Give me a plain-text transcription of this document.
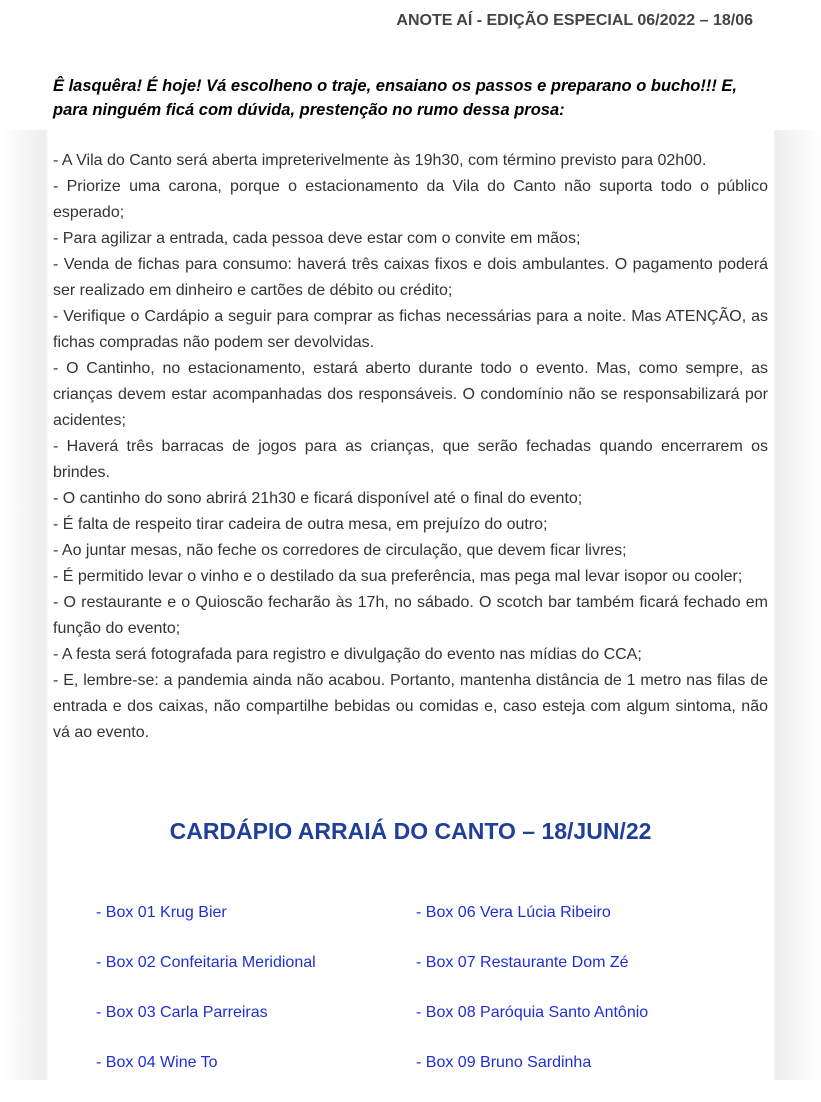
ANOTE AÍ - EDIÇÃO ESPECIAL 06/2022 – 18/06

Ê lasquêra! É hoje! Vá escolheno o traje, ensaiano os passos e preparano o bucho!!! E, para ninguém ficá com dúvida, prestenção no rumo dessa prosa:

- A Vila do Canto será aberta impreterivelmente às 19h30, com término previsto para 02h00.
- Priorize uma carona, porque o estacionamento da Vila do Canto não suporta todo o público esperado;
- Para agilizar a entrada, cada pessoa deve estar com o convite em mãos;
- Venda de fichas para consumo: haverá três caixas fixos e dois ambulantes. O pagamento poderá ser realizado em dinheiro e cartões de débito ou crédito;
- Verifique o Cardápio a seguir para comprar as fichas necessárias para a noite. Mas ATENÇÃO, as fichas compradas não podem ser devolvidas.
- O Cantinho, no estacionamento, estará aberto durante todo o evento. Mas, como sempre, as crianças devem estar acompanhadas dos responsáveis. O condomínio não se responsabilizará por acidentes;
- Haverá três barracas de jogos para as crianças, que serão fechadas quando encerrarem os brindes.
- O cantinho do sono abrirá 21h30 e ficará disponível até o final do evento;
- É falta de respeito tirar cadeira de outra mesa, em prejuízo do outro;
- Ao juntar mesas, não feche os corredores de circulação, que devem ficar livres;
- É permitido levar o vinho e o destilado da sua preferência, mas pega mal levar isopor ou cooler;
- O restaurante e o Quioscão fecharão às 17h, no sábado. O scotch bar também ficará fechado em função do evento;
- A festa será fotografada para registro e divulgação do evento nas mídias do CCA;
- E, lembre-se: a pandemia ainda não acabou. Portanto, mantenha distância de 1 metro nas filas de entrada e dos caixas, não compartilhe bebidas ou comidas e, caso esteja com algum sintoma, não vá ao evento.
CARDÁPIO ARRAIÁ DO CANTO – 18/JUN/22
- Box 01 Krug Bier
- Box 02 Confeitaria Meridional
- Box 03 Carla Parreiras
- Box 04 Wine To
- Box 06 Vera Lúcia Ribeiro
- Box 07 Restaurante Dom Zé
- Box 08 Paróquia Santo Antônio
- Box 09 Bruno Sardinha
